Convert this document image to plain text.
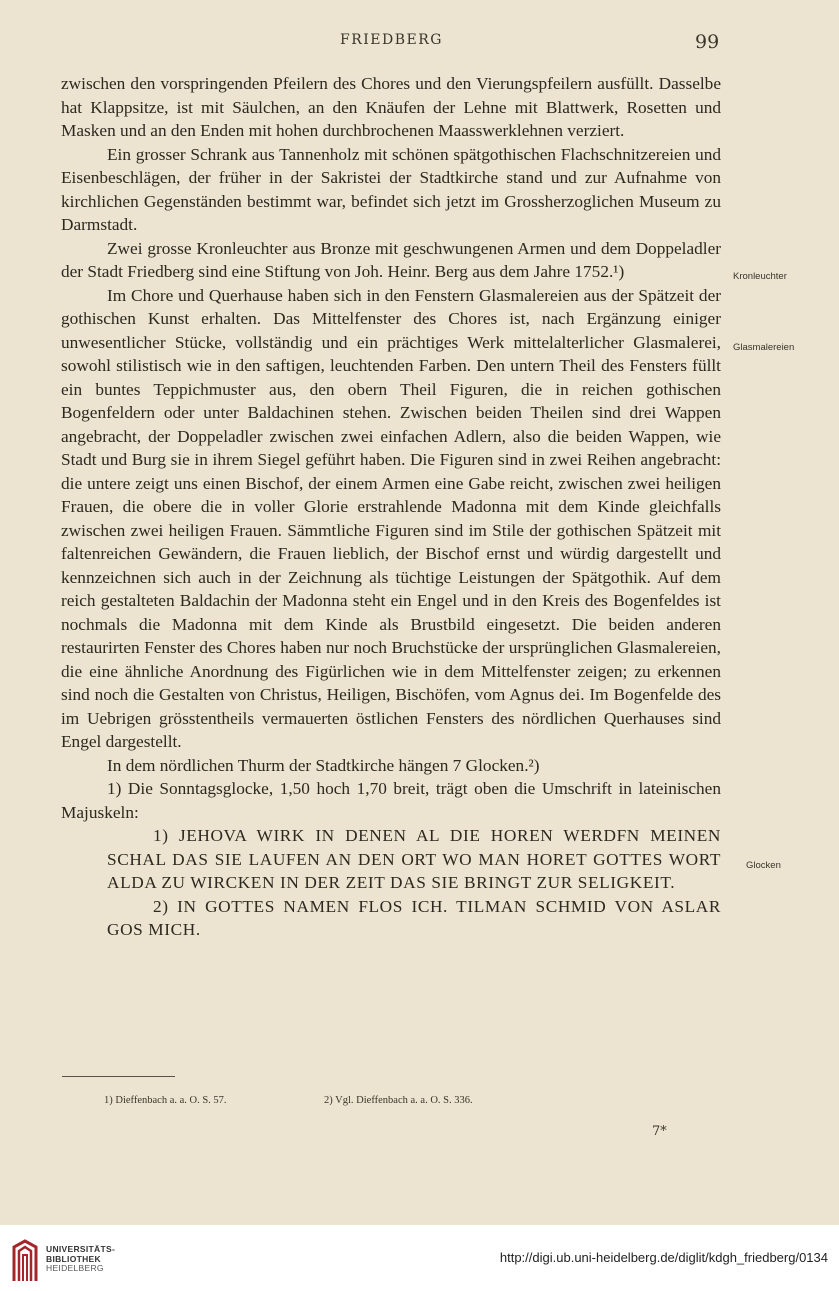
FRIEDBERG	99

zwischen den vorspringenden Pfeilern des Chores und den Vierungspfeilern ausfüllt. Dasselbe hat Klappsitze, ist mit Säulchen, an den Knäufen der Lehne mit Blattwerk, Rosetten und Masken und an den Enden mit hohen durchbrochenen Maasswerklehnen verziert.

Ein grosser Schrank aus Tannenholz mit schönen spätgothischen Flachschnitzereien und Eisenbeschlägen, der früher in der Sakristei der Stadtkirche stand und zur Aufnahme von kirchlichen Gegenständen bestimmt war, befindet sich jetzt im Grossherzoglichen Museum zu Darmstadt.

Zwei grosse Kronleuchter aus Bronze mit geschwungenen Armen und dem Doppeladler der Stadt Friedberg sind eine Stiftung von Joh. Heinr. Berg aus dem Jahre 1752.¹)

Im Chore und Querhause haben sich in den Fenstern Glasmalereien aus der Spätzeit der gothischen Kunst erhalten. Das Mittelfenster des Chores ist, nach Ergänzung einiger unwesentlicher Stücke, vollständig und ein prächtiges Werk mittelalterlicher Glasmalerei, sowohl stilistisch wie in den saftigen, leuchtenden Farben. Den untern Theil des Fensters füllt ein buntes Teppichmuster aus, den obern Theil Figuren, die in reichen gothischen Bogenfeldern oder unter Baldachinen stehen. Zwischen beiden Theilen sind drei Wappen angebracht, der Doppeladler zwischen zwei einfachen Adlern, also die beiden Wappen, wie Stadt und Burg sie in ihrem Siegel geführt haben. Die Figuren sind in zwei Reihen angebracht: die untere zeigt uns einen Bischof, der einem Armen eine Gabe reicht, zwischen zwei heiligen Frauen, die obere die in voller Glorie erstrahlende Madonna mit dem Kinde gleichfalls zwischen zwei heiligen Frauen. Sämmtliche Figuren sind im Stile der gothischen Spätzeit mit faltenreichen Gewändern, die Frauen lieblich, der Bischof ernst und würdig dargestellt und kennzeichnen sich auch in der Zeichnung als tüchtige Leistungen der Spätgothik. Auf dem reich gestalteten Baldachin der Madonna steht ein Engel und in den Kreis des Bogenfeldes ist nochmals die Madonna mit dem Kinde als Brustbild eingesetzt. Die beiden anderen restaurirten Fenster des Chores haben nur noch Bruchstücke der ursprünglichen Glasmalereien, die eine ähnliche Anordnung des Figürlichen wie in dem Mittelfenster zeigen; zu erkennen sind noch die Gestalten von Christus, Heiligen, Bischöfen, vom Agnus dei. Im Bogenfelde des im Uebrigen grösstentheils vermauerten östlichen Fensters des nördlichen Querhauses sind Engel dargestellt.

In dem nördlichen Thurm der Stadtkirche hängen 7 Glocken.²)

1) Die Sonntagsglocke, 1,50 hoch 1,70 breit, trägt oben die Umschrift in lateinischen Majuskeln:

1) JEHOVA WIRK IN DENEN AL DIE HOREN WERDFN MEINEN SCHAL DAS SIE LAUFEN AN DEN ORT WO MAN HORET GOTTES WORT ALDA ZU WIRCKEN IN DER ZEIT DAS SIE BRINGT ZUR SELIGKEIT.

2) IN GOTTES NAMEN FLOS ICH. TILMAN SCHMID VON ASLAR GOS MICH.

Kronleuchter
Glasmalereien
Glocken
1) Dieffenbach a. a. O. S. 57.	2) Vgl. Dieffenbach a. a. O. S. 336.
7*
UNIVERSITÄTS-
BIBLIOTHEK
HEIDELBERG
http://digi.ub.uni-heidelberg.de/diglit/kdgh_friedberg/0134
